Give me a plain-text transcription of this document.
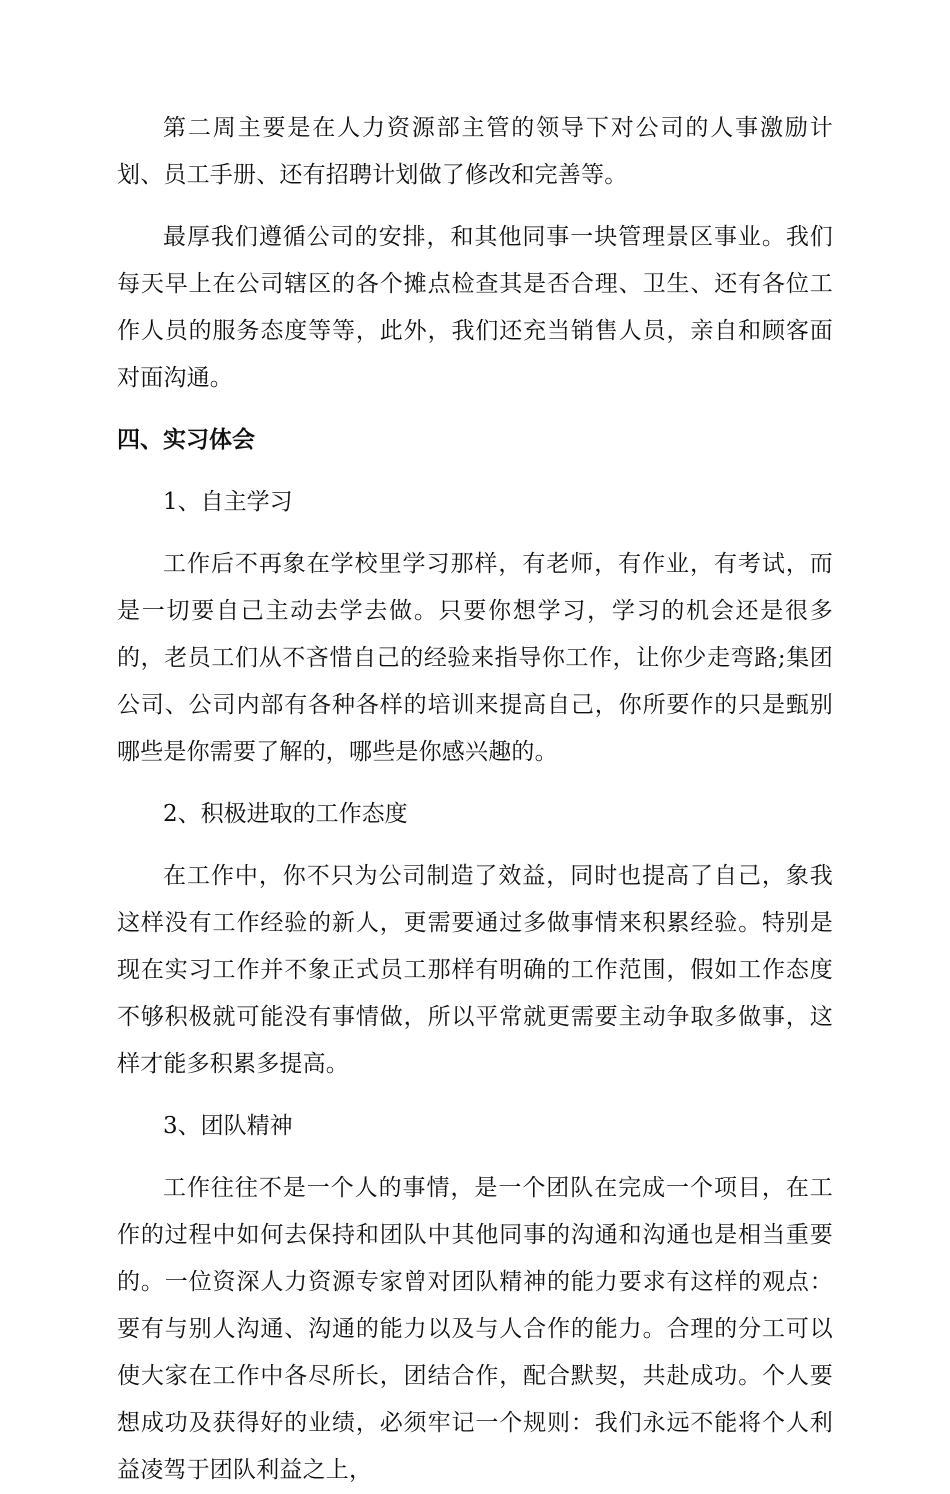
第二周主要是在人力资源部主管的领导下对公司的人事激励计划、员工手册、还有招聘计划做了修改和完善等。

最厚我们遵循公司的安排，和其他同事一块管理景区事业。我们每天早上在公司辖区的各个摊点检查其是否合理、卫生、还有各位工作人员的服务态度等等，此外，我们还充当销售人员，亲自和顾客面对面沟通。

四、实习体会

1、自主学习

工作后不再象在学校里学习那样，有老师，有作业，有考试，而是一切要自己主动去学去做。只要你想学习，学习的机会还是很多的，老员工们从不吝惜自己的经验来指导你工作，让你少走弯路;集团公司、公司内部有各种各样的培训来提高自己，你所要作的只是甄别哪些是你需要了解的，哪些是你感兴趣的。

2、积极进取的工作态度

在工作中，你不只为公司制造了效益，同时也提高了自己，象我这样没有工作经验的新人，更需要通过多做事情来积累经验。特别是现在实习工作并不象正式员工那样有明确的工作范围，假如工作态度不够积极就可能没有事情做，所以平常就更需要主动争取多做事，这样才能多积累多提高。

3、团队精神

工作往往不是一个人的事情，是一个团队在完成一个项目，在工作的过程中如何去保持和团队中其他同事的沟通和沟通也是相当重要的。一位资深人力资源专家曾对团队精神的能力要求有这样的观点：要有与别人沟通、沟通的能力以及与人合作的能力。合理的分工可以使大家在工作中各尽所长，团结合作，配合默契，共赴成功。个人要想成功及获得好的业绩，必须牢记一个规则：我们永远不能将个人利益凌驾于团队利益之上，
